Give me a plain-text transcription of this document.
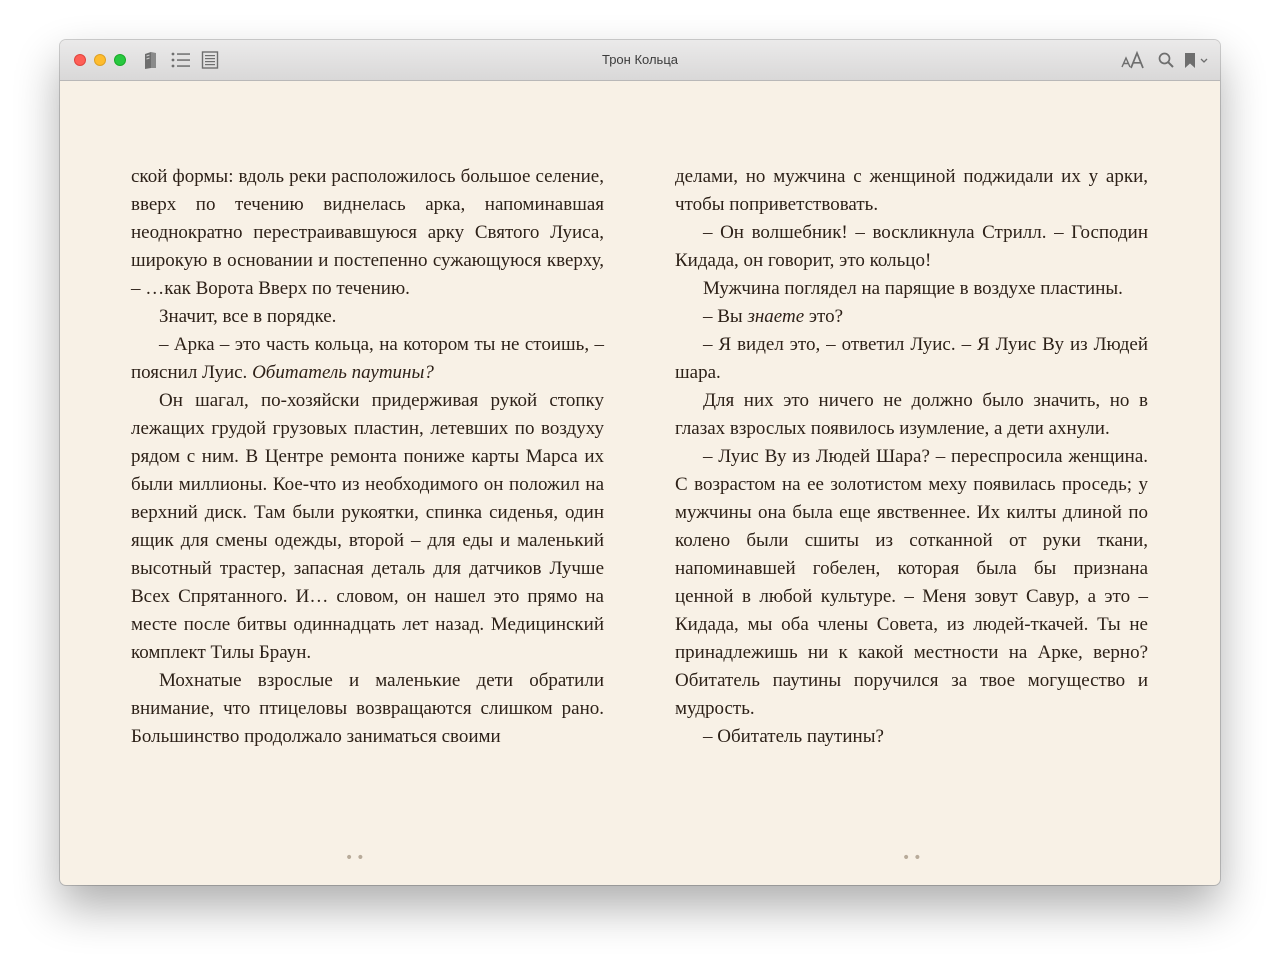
Трон Кольца

ской формы: вдоль реки расположилось большое селение, вверх по течению виднелась арка, напоминавшая неоднократно перестраивавшуюся арку Святого Луиса, широкую в основании и постепенно сужающуюся кверху, – …как Ворота Вверх по течению.

Значит, все в порядке.

– Арка – это часть кольца, на котором ты не стоишь, – пояснил Луис. Обитатель паутины?

Он шагал, по-хозяйски придерживая рукой стопку лежащих грудой грузовых пластин, летевших по воздуху рядом с ним. В Центре ремонта пониже карты Марса их были миллионы. Кое-что из необходимого он положил на верхний диск. Там были рукоятки, спинка сиденья, один ящик для смены одежды, второй – для еды и маленький высотный трастер, запасная деталь для датчиков Лучше Всех Спрятанного. И… словом, он нашел это прямо на месте после битвы одиннадцать лет назад. Медицинский комплект Тилы Браун.

Мохнатые взрослые и маленькие дети обратили внимание, что птицеловы возвращаются слишком рано. Большинство продолжало заниматься своими

делами, но мужчина с женщиной поджидали их у арки, чтобы поприветствовать.

– Он волшебник! – воскликнула Стрилл. – Господин Кидада, он говорит, это кольцо!

Мужчина поглядел на парящие в воздухе пластины.

– Вы знаете это?

– Я видел это, – ответил Луис. – Я Луис Ву из Людей шара.

Для них это ничего не должно было значить, но в глазах взрослых появилось изумление, а дети ахнули.

– Луис Ву из Людей Шара? – переспросила женщина. С возрастом на ее золотистом меху появилась проседь; у мужчины она была еще явственнее. Их килты длиной по колено были сшиты из сотканной от руки ткани, напоминавшей гобелен, которая была бы признана ценной в любой культуре. – Меня зовут Савур, а это – Кидада, мы оба члены Совета, из людей-ткачей. Ты не принадлежишь ни к какой местности на Арке, верно? Обитатель паутины поручился за твое могущество и мудрость.

– Обитатель паутины?

••	••
